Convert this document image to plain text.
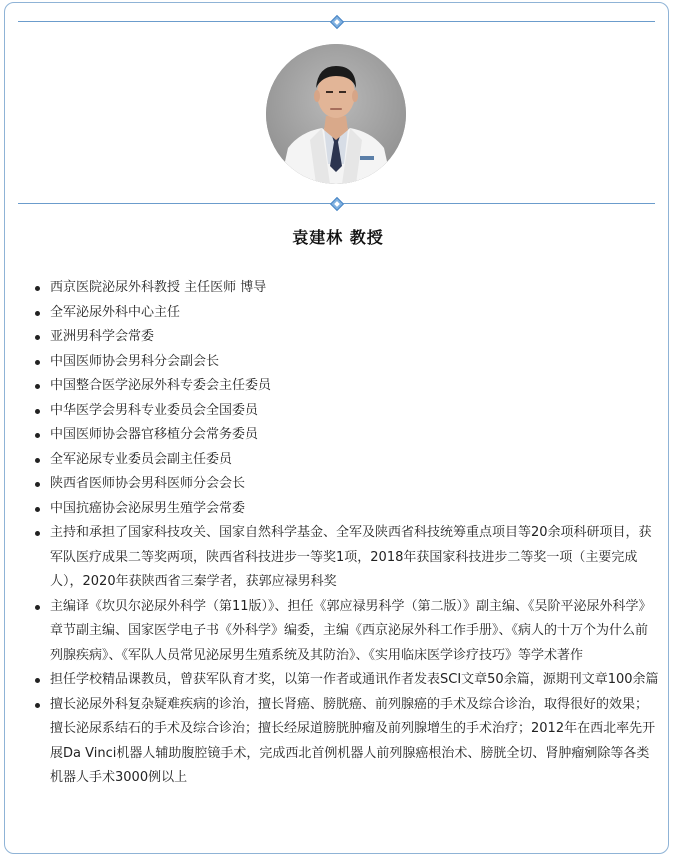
袁建林 教授
西京医院泌尿外科教授 主任医师 博导
全军泌尿外科中心主任
亚洲男科学会常委
中国医师协会男科分会副会长
中国整合医学泌尿外科专委会主任委员
中华医学会男科专业委员会全国委员
中国医师协会器官移植分会常务委员
全军泌尿专业委员会副主任委员
陕西省医师协会男科医师分会会长
中国抗癌协会泌尿男生殖学会常委
主持和承担了国家科技攻关、国家自然科学基金、全军及陕西省科技统筹重点项目等20余项科研项目，获军队医疗成果二等奖两项，陕西省科技进步一等奖1项，2018年获国家科技进步二等奖一项（主要完成人），2020年获陕西省三秦学者，获郭应禄男科奖
主编译《坎贝尔泌尿外科学（第11版）》、担任《郭应禄男科学（第二版）》副主编、《吴阶平泌尿外科学》章节副主编、国家医学电子书《外科学》编委，主编《西京泌尿外科工作手册》、《病人的十万个为什么前列腺疾病》、《军队人员常见泌尿男生殖系统及其防治》、《实用临床医学诊疗技巧》等学术著作
担任学校精品课教员，曾获军队育才奖，以第一作者或通讯作者发表SCI文章50余篇，源期刊文章100余篇
擅长泌尿外科复杂疑难疾病的诊治，擅长肾癌、膀胱癌、前列腺癌的手术及综合诊治，取得很好的效果；擅长泌尿系结石的手术及综合诊治；擅长经尿道膀胱肿瘤及前列腺增生的手术治疗；2012年在西北率先开展Da Vinci机器人辅助腹腔镜手术，完成西北首例机器人前列腺癌根治术、膀胱全切、肾肿瘤剜除等各类机器人手术3000例以上
